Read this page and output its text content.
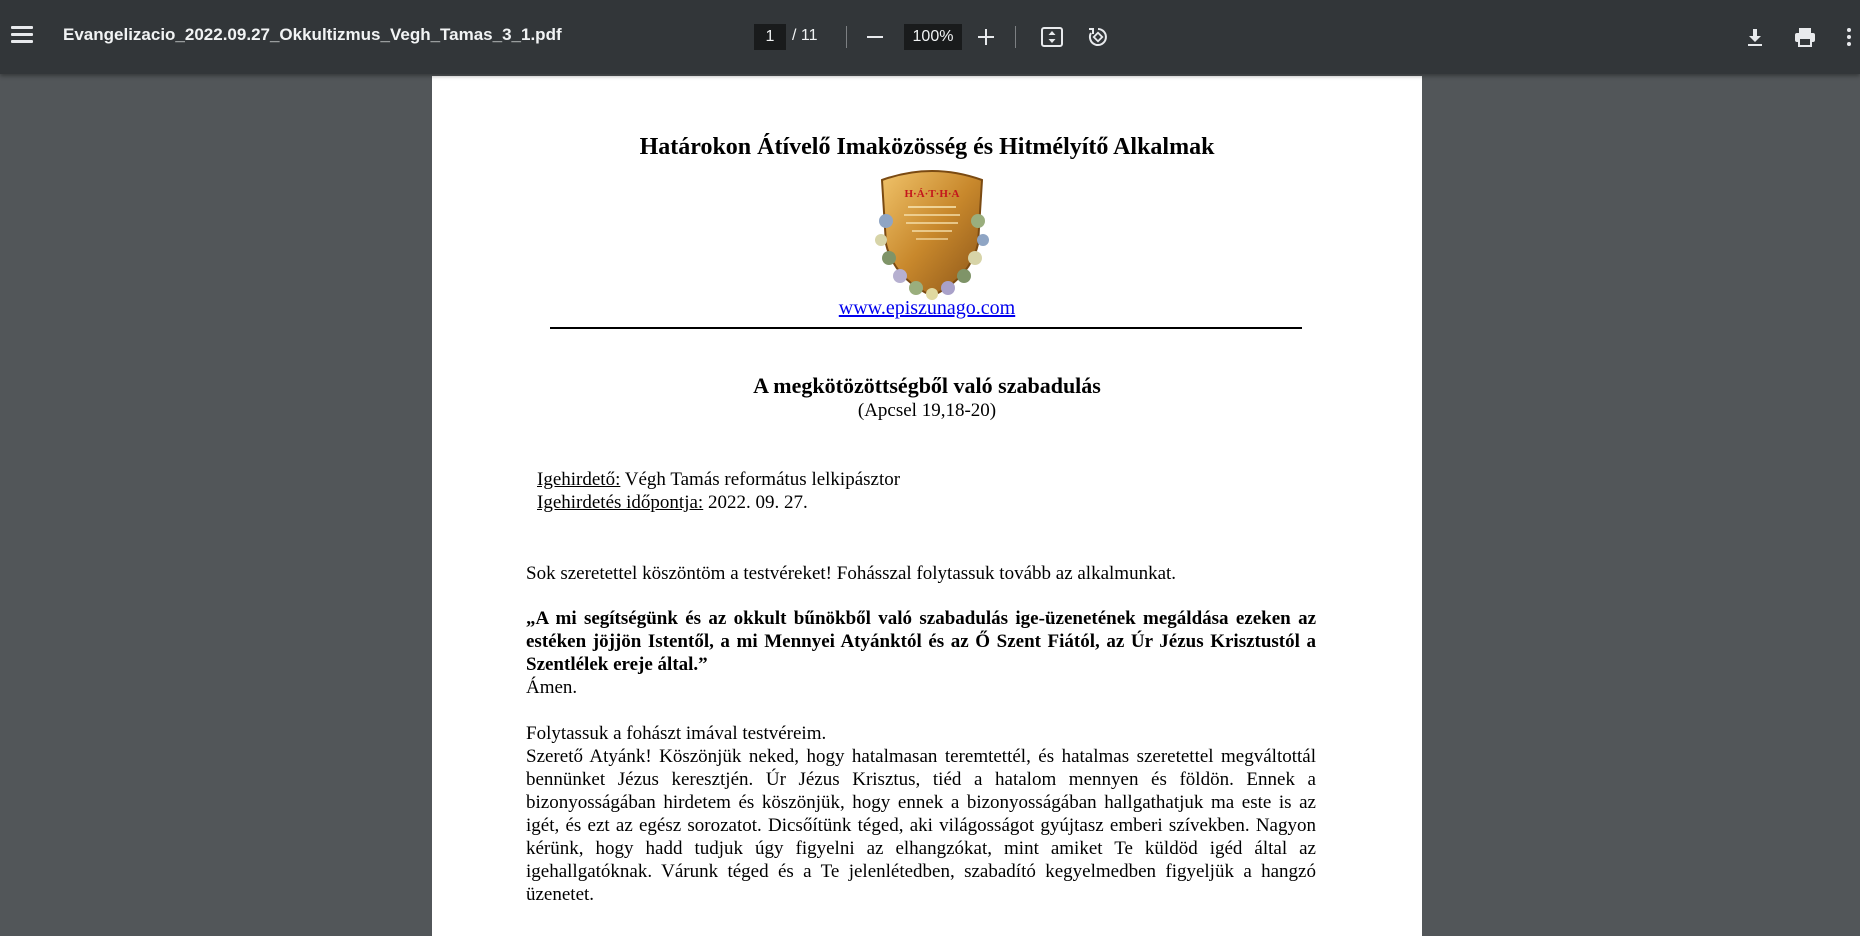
Evangelizacio_2022.09.27_Okkultizmus_Vegh_Tamas_3_1.pdf
1	/ 11
100%
Határokon Átívelő Imaközösség és Hitmélyítő Alkalmak
H·Á·T·H·A
www.episzunago.com
A megkötözöttségből való szabadulás
(Apcsel 19,18-20)
Igehirdető: Végh Tamás református lelkipásztor
Igehirdetés időpontja: 2022. 09. 27.
Sok szeretettel köszöntöm a testvéreket! Fohásszal folytassuk tovább az alkalmunkat.
„A mi segítségünk és az okkult bűnökből való szabadulás ige-üzenetének megáldása ezeken az estéken jöjjön Istentől, a mi Mennyei Atyánktól és az Ő Szent Fiától, az Úr Jézus Krisztustól a Szentlélek ereje által.”
Ámen.
Folytassuk a fohászt imával testvéreim.
Szerető Atyánk! Köszönjük neked, hogy hatalmasan teremtettél, és hatalmas szeretettel megváltottál bennünket Jézus keresztjén. Úr Jézus Krisztus, tiéd a hatalom mennyen és földön. Ennek a bizonyosságában hirdetem és köszönjük, hogy ennek a bizonyosságában hallgathatjuk ma este is az igét, és ezt az egész sorozatot. Dicsőítünk téged, aki világosságot gyújtasz emberi szívekben. Nagyon kérünk, hogy hadd tudjuk úgy figyelni az elhangzókat, mint amiket Te küldöd igéd által az igehallgatóknak. Várunk téged és a Te jelenlétedben, szabadító kegyelmedben figyeljük a hangzó üzenetet.
